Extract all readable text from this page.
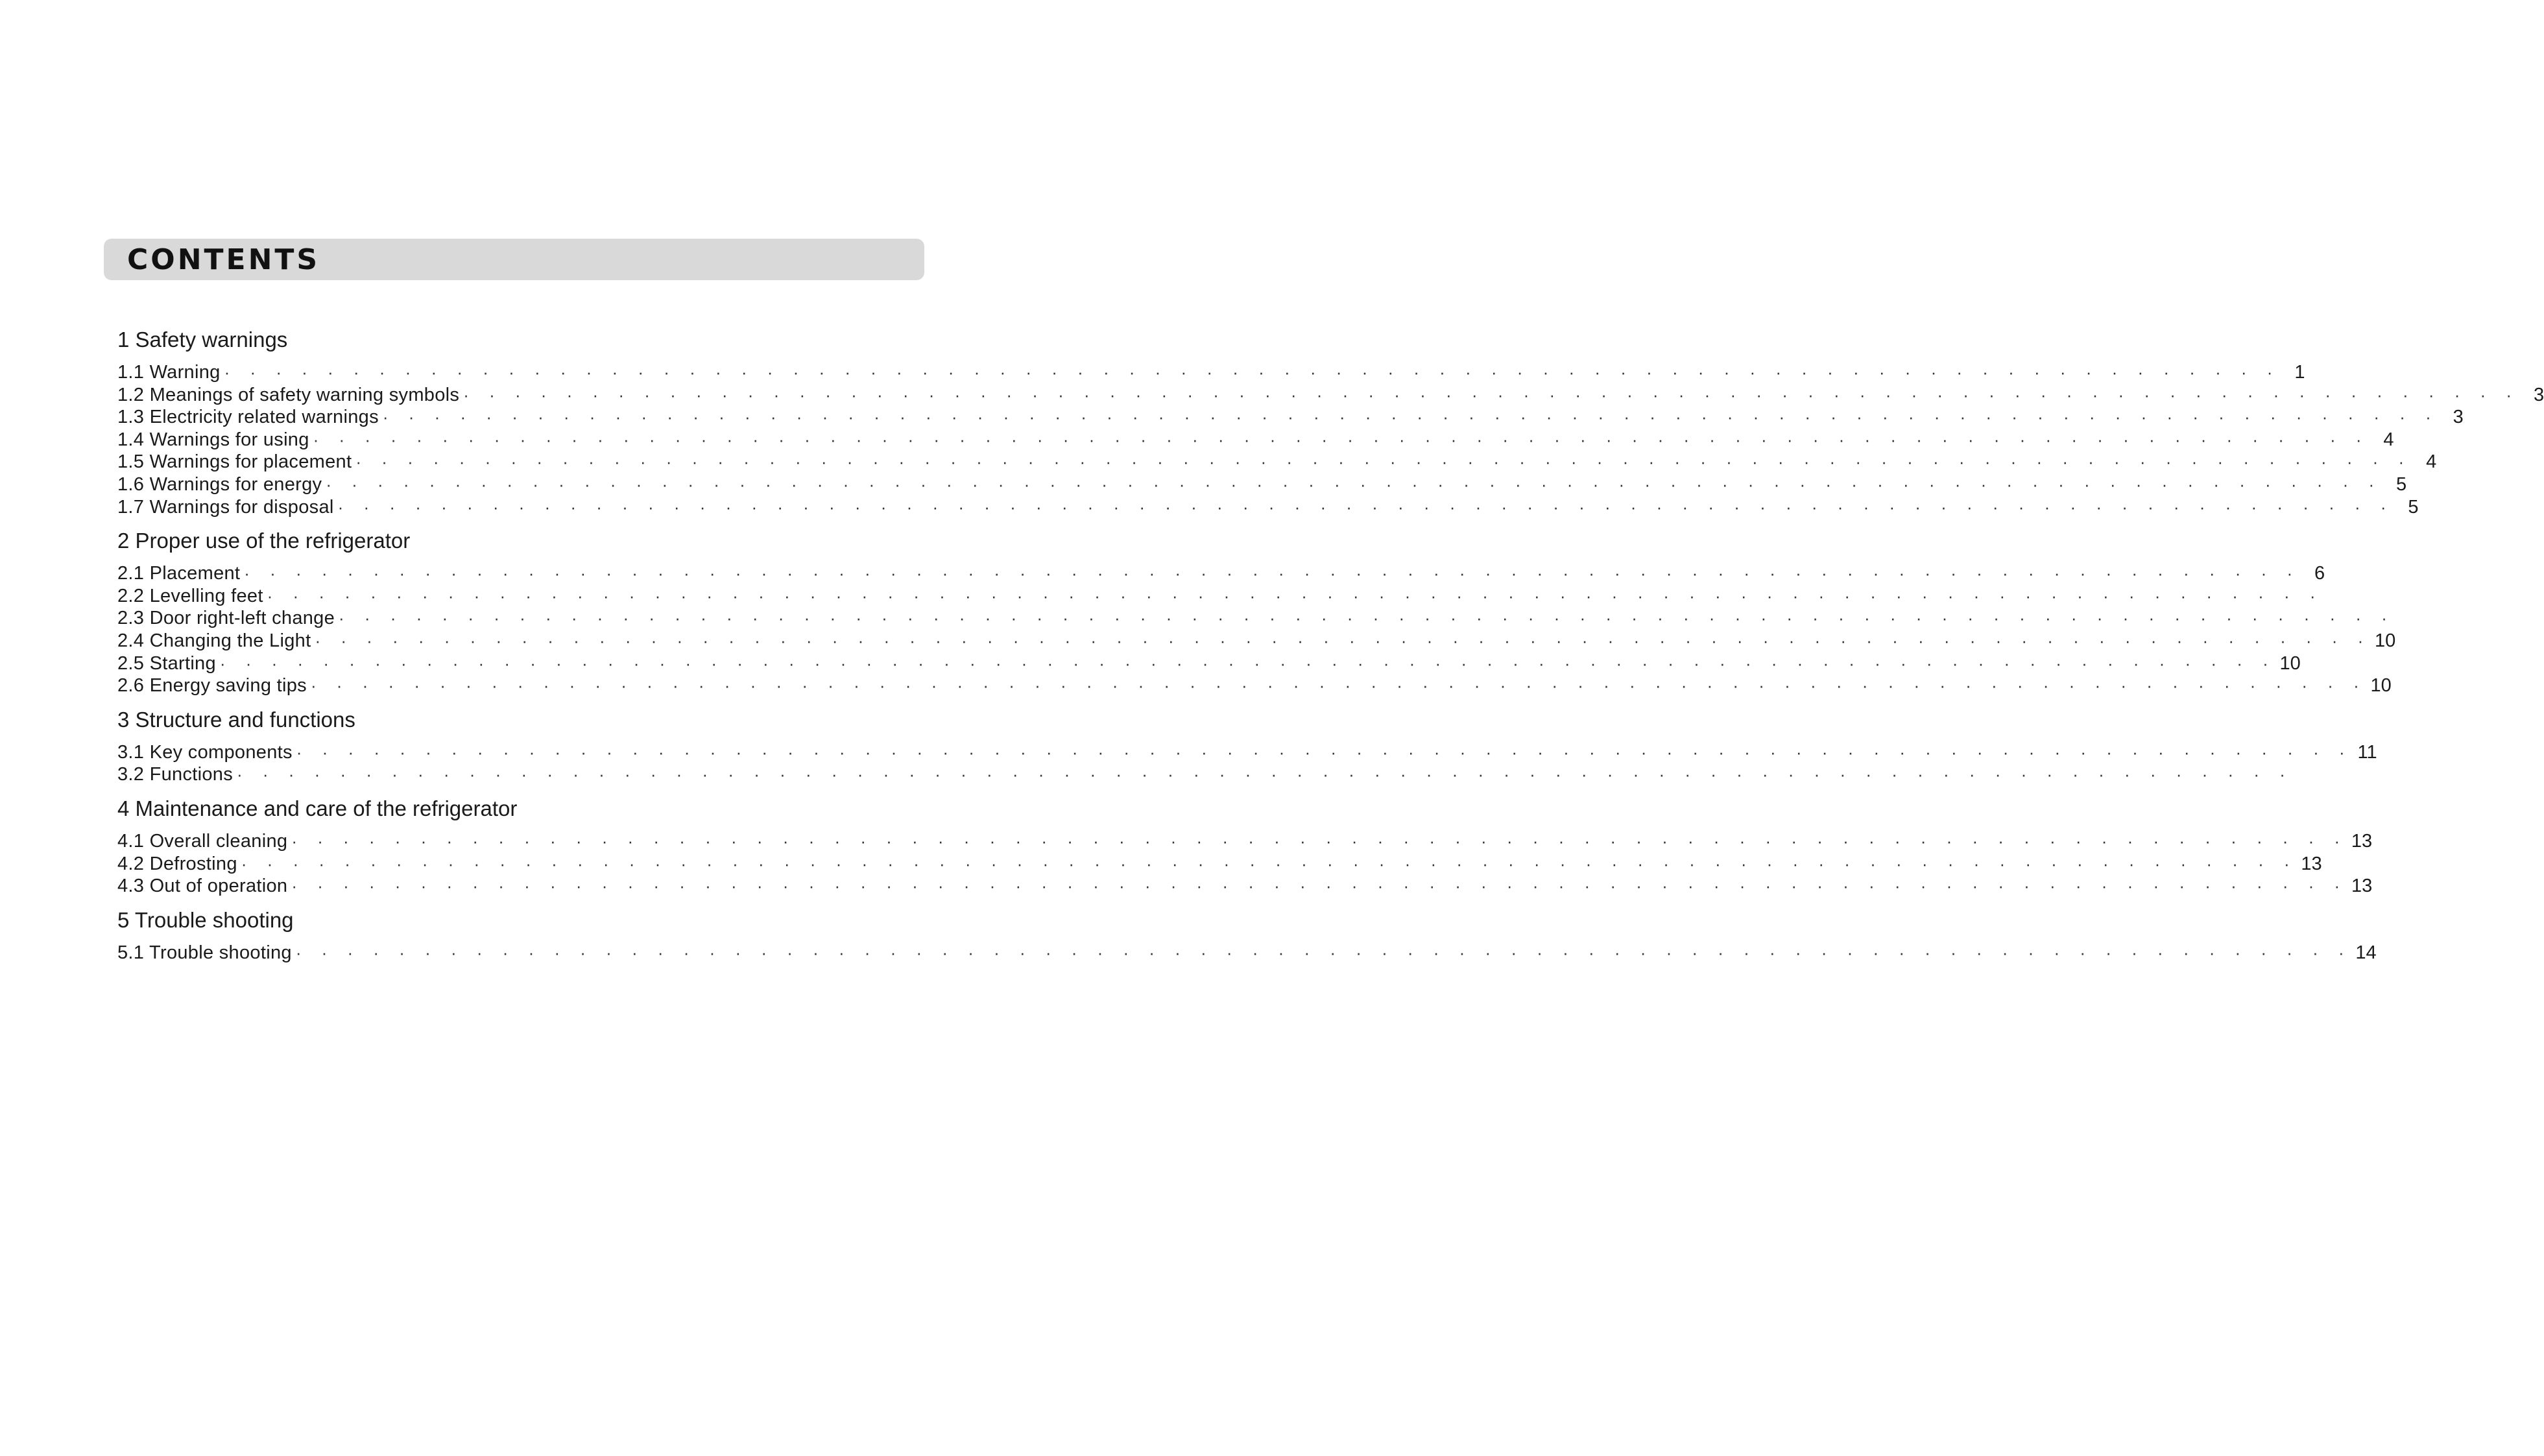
CONTENTS
1 Safety warnings
1.1 Warning ·  ·  ·  ·  ·  ·  ·  ·  ·  ·  ·  ·  ·  ·  ·  ·  ·  ·  ·  ·  ·  ·  ·  ·  ·  ·  ·  ·  ·  ·  ·  ·  ·  ·  ·  ·  ·  ·  ·  ·  ·  ·  ·  ·  ·  ·  ·  ·  ·  ·  ·  ·  ·  ·  ·  ·  ·  ·  ·  ·  ·  ·  ·  ·  ·  ·  ·  ·  ·  ·  ·  ·  ·  ·  ·  ·  ·  ·  ·  ·	1
1.2 Meanings of safety warning symbols ·  ·  ·  ·  ·  ·  ·  ·  ·  ·  ·  ·  ·  ·  ·  ·  ·  ·  ·  ·  ·  ·  ·  ·  ·  ·  ·  ·  ·  ·  ·  ·  ·  ·  ·  ·  ·  ·  ·  ·  ·  ·  ·  ·  ·  ·  ·  ·  ·  ·  ·  ·  ·  ·  ·  ·  ·  ·  ·  ·  ·  ·  ·  ·  ·  ·  ·  ·  ·  ·  ·  ·  ·  ·  ·  ·  ·  ·  ·  ·	3
1.3 Electricity related warnings ·  ·  ·  ·  ·  ·  ·  ·  ·  ·  ·  ·  ·  ·  ·  ·  ·  ·  ·  ·  ·  ·  ·  ·  ·  ·  ·  ·  ·  ·  ·  ·  ·  ·  ·  ·  ·  ·  ·  ·  ·  ·  ·  ·  ·  ·  ·  ·  ·  ·  ·  ·  ·  ·  ·  ·  ·  ·  ·  ·  ·  ·  ·  ·  ·  ·  ·  ·  ·  ·  ·  ·  ·  ·  ·  ·  ·  ·  ·  ·	3
1.4 Warnings for using ·  ·  ·  ·  ·  ·  ·  ·  ·  ·  ·  ·  ·  ·  ·  ·  ·  ·  ·  ·  ·  ·  ·  ·  ·  ·  ·  ·  ·  ·  ·  ·  ·  ·  ·  ·  ·  ·  ·  ·  ·  ·  ·  ·  ·  ·  ·  ·  ·  ·  ·  ·  ·  ·  ·  ·  ·  ·  ·  ·  ·  ·  ·  ·  ·  ·  ·  ·  ·  ·  ·  ·  ·  ·  ·  ·  ·  ·  ·  ·	4
1.5 Warnings for placement ·  ·  ·  ·  ·  ·  ·  ·  ·  ·  ·  ·  ·  ·  ·  ·  ·  ·  ·  ·  ·  ·  ·  ·  ·  ·  ·  ·  ·  ·  ·  ·  ·  ·  ·  ·  ·  ·  ·  ·  ·  ·  ·  ·  ·  ·  ·  ·  ·  ·  ·  ·  ·  ·  ·  ·  ·  ·  ·  ·  ·  ·  ·  ·  ·  ·  ·  ·  ·  ·  ·  ·  ·  ·  ·  ·  ·  ·  ·  ·	4
1.6 Warnings for energy ·  ·  ·  ·  ·  ·  ·  ·  ·  ·  ·  ·  ·  ·  ·  ·  ·  ·  ·  ·  ·  ·  ·  ·  ·  ·  ·  ·  ·  ·  ·  ·  ·  ·  ·  ·  ·  ·  ·  ·  ·  ·  ·  ·  ·  ·  ·  ·  ·  ·  ·  ·  ·  ·  ·  ·  ·  ·  ·  ·  ·  ·  ·  ·  ·  ·  ·  ·  ·  ·  ·  ·  ·  ·  ·  ·  ·  ·  ·  ·	5
1.7 Warnings for disposal ·  ·  ·  ·  ·  ·  ·  ·  ·  ·  ·  ·  ·  ·  ·  ·  ·  ·  ·  ·  ·  ·  ·  ·  ·  ·  ·  ·  ·  ·  ·  ·  ·  ·  ·  ·  ·  ·  ·  ·  ·  ·  ·  ·  ·  ·  ·  ·  ·  ·  ·  ·  ·  ·  ·  ·  ·  ·  ·  ·  ·  ·  ·  ·  ·  ·  ·  ·  ·  ·  ·  ·  ·  ·  ·  ·  ·  ·  ·  ·	5
2 Proper use of the refrigerator
2.1 Placement ·  ·  ·  ·  ·  ·  ·  ·  ·  ·  ·  ·  ·  ·  ·  ·  ·  ·  ·  ·  ·  ·  ·  ·  ·  ·  ·  ·  ·  ·  ·  ·  ·  ·  ·  ·  ·  ·  ·  ·  ·  ·  ·  ·  ·  ·  ·  ·  ·  ·  ·  ·  ·  ·  ·  ·  ·  ·  ·  ·  ·  ·  ·  ·  ·  ·  ·  ·  ·  ·  ·  ·  ·  ·  ·  ·  ·  ·  ·  ·	6
2.2 Levelling feet ·  ·  ·  ·  ·  ·  ·  ·  ·  ·  ·  ·  ·  ·  ·  ·  ·  ·  ·  ·  ·  ·  ·  ·  ·  ·  ·  ·  ·  ·  ·  ·  ·  ·  ·  ·  ·  ·  ·  ·  ·  ·  ·  ·  ·  ·  ·  ·  ·  ·  ·  ·  ·  ·  ·  ·  ·  ·  ·  ·  ·  ·  ·  ·  ·  ·  ·  ·  ·  ·  ·  ·  ·  ·  ·  ·  ·  ·  ·  ·
2.3 Door right-left change ·  ·  ·  ·  ·  ·  ·  ·  ·  ·  ·  ·  ·  ·  ·  ·  ·  ·  ·  ·  ·  ·  ·  ·  ·  ·  ·  ·  ·  ·  ·  ·  ·  ·  ·  ·  ·  ·  ·  ·  ·  ·  ·  ·  ·  ·  ·  ·  ·  ·  ·  ·  ·  ·  ·  ·  ·  ·  ·  ·  ·  ·  ·  ·  ·  ·  ·  ·  ·  ·  ·  ·  ·  ·  ·  ·  ·  ·  ·  ·
2.4 Changing the Light ·  ·  ·  ·  ·  ·  ·  ·  ·  ·  ·  ·  ·  ·  ·  ·  ·  ·  ·  ·  ·  ·  ·  ·  ·  ·  ·  ·  ·  ·  ·  ·  ·  ·  ·  ·  ·  ·  ·  ·  ·  ·  ·  ·  ·  ·  ·  ·  ·  ·  ·  ·  ·  ·  ·  ·  ·  ·  ·  ·  ·  ·  ·  ·  ·  ·  ·  ·  ·  ·  ·  ·  ·  ·  ·  ·  ·  ·  ·  · 10
2.5 Starting ·  ·  ·  ·  ·  ·  ·  ·  ·  ·  ·  ·  ·  ·  ·  ·  ·  ·  ·  ·  ·  ·  ·  ·  ·  ·  ·  ·  ·  ·  ·  ·  ·  ·  ·  ·  ·  ·  ·  ·  ·  ·  ·  ·  ·  ·  ·  ·  ·  ·  ·  ·  ·  ·  ·  ·  ·  ·  ·  ·  ·  ·  ·  ·  ·  ·  ·  ·  ·  ·  ·  ·  ·  ·  ·  ·  ·  ·  ·  · 10
2.6 Energy saving tips ·  ·  ·  ·  ·  ·  ·  ·  ·  ·  ·  ·  ·  ·  ·  ·  ·  ·  ·  ·  ·  ·  ·  ·  ·  ·  ·  ·  ·  ·  ·  ·  ·  ·  ·  ·  ·  ·  ·  ·  ·  ·  ·  ·  ·  ·  ·  ·  ·  ·  ·  ·  ·  ·  ·  ·  ·  ·  ·  ·  ·  ·  ·  ·  ·  ·  ·  ·  ·  ·  ·  ·  ·  ·  ·  ·  ·  ·  ·  · 10
3 Structure and functions
3.1 Key components ·  ·  ·  ·  ·  ·  ·  ·  ·  ·  ·  ·  ·  ·  ·  ·  ·  ·  ·  ·  ·  ·  ·  ·  ·  ·  ·  ·  ·  ·  ·  ·  ·  ·  ·  ·  ·  ·  ·  ·  ·  ·  ·  ·  ·  ·  ·  ·  ·  ·  ·  ·  ·  ·  ·  ·  ·  ·  ·  ·  ·  ·  ·  ·  ·  ·  ·  ·  ·  ·  ·  ·  ·  ·  ·  ·  ·  ·  ·  · 11
3.2 Functions ·  ·  ·  ·  ·  ·  ·  ·  ·  ·  ·  ·  ·  ·  ·  ·  ·  ·  ·  ·  ·  ·  ·  ·  ·  ·  ·  ·  ·  ·  ·  ·  ·  ·  ·  ·  ·  ·  ·  ·  ·  ·  ·  ·  ·  ·  ·  ·  ·  ·  ·  ·  ·  ·  ·  ·  ·  ·  ·  ·  ·  ·  ·  ·  ·  ·  ·  ·  ·  ·  ·  ·  ·  ·  ·  ·  ·  ·  ·  ·
4 Maintenance and care of the refrigerator
4.1 Overall cleaning ·  ·  ·  ·  ·  ·  ·  ·  ·  ·  ·  ·  ·  ·  ·  ·  ·  ·  ·  ·  ·  ·  ·  ·  ·  ·  ·  ·  ·  ·  ·  ·  ·  ·  ·  ·  ·  ·  ·  ·  ·  ·  ·  ·  ·  ·  ·  ·  ·  ·  ·  ·  ·  ·  ·  ·  ·  ·  ·  ·  ·  ·  ·  ·  ·  ·  ·  ·  ·  ·  ·  ·  ·  ·  ·  ·  ·  ·  ·  · 13
4.2 Defrosting ·  ·  ·  ·  ·  ·  ·  ·  ·  ·  ·  ·  ·  ·  ·  ·  ·  ·  ·  ·  ·  ·  ·  ·  ·  ·  ·  ·  ·  ·  ·  ·  ·  ·  ·  ·  ·  ·  ·  ·  ·  ·  ·  ·  ·  ·  ·  ·  ·  ·  ·  ·  ·  ·  ·  ·  ·  ·  ·  ·  ·  ·  ·  ·  ·  ·  ·  ·  ·  ·  ·  ·  ·  ·  ·  ·  ·  ·  ·  · 13
4.3 Out of operation ·  ·  ·  ·  ·  ·  ·  ·  ·  ·  ·  ·  ·  ·  ·  ·  ·  ·  ·  ·  ·  ·  ·  ·  ·  ·  ·  ·  ·  ·  ·  ·  ·  ·  ·  ·  ·  ·  ·  ·  ·  ·  ·  ·  ·  ·  ·  ·  ·  ·  ·  ·  ·  ·  ·  ·  ·  ·  ·  ·  ·  ·  ·  ·  ·  ·  ·  ·  ·  ·  ·  ·  ·  ·  ·  ·  ·  ·  ·  · 13
5 Trouble shooting
5.1 Trouble shooting ·  ·  ·  ·  ·  ·  ·  ·  ·  ·  ·  ·  ·  ·  ·  ·  ·  ·  ·  ·  ·  ·  ·  ·  ·  ·  ·  ·  ·  ·  ·  ·  ·  ·  ·  ·  ·  ·  ·  ·  ·  ·  ·  ·  ·  ·  ·  ·  ·  ·  ·  ·  ·  ·  ·  ·  ·  ·  ·  ·  ·  ·  ·  ·  ·  ·  ·  ·  ·  ·  ·  ·  ·  ·  ·  ·  ·  ·  ·  · 14
